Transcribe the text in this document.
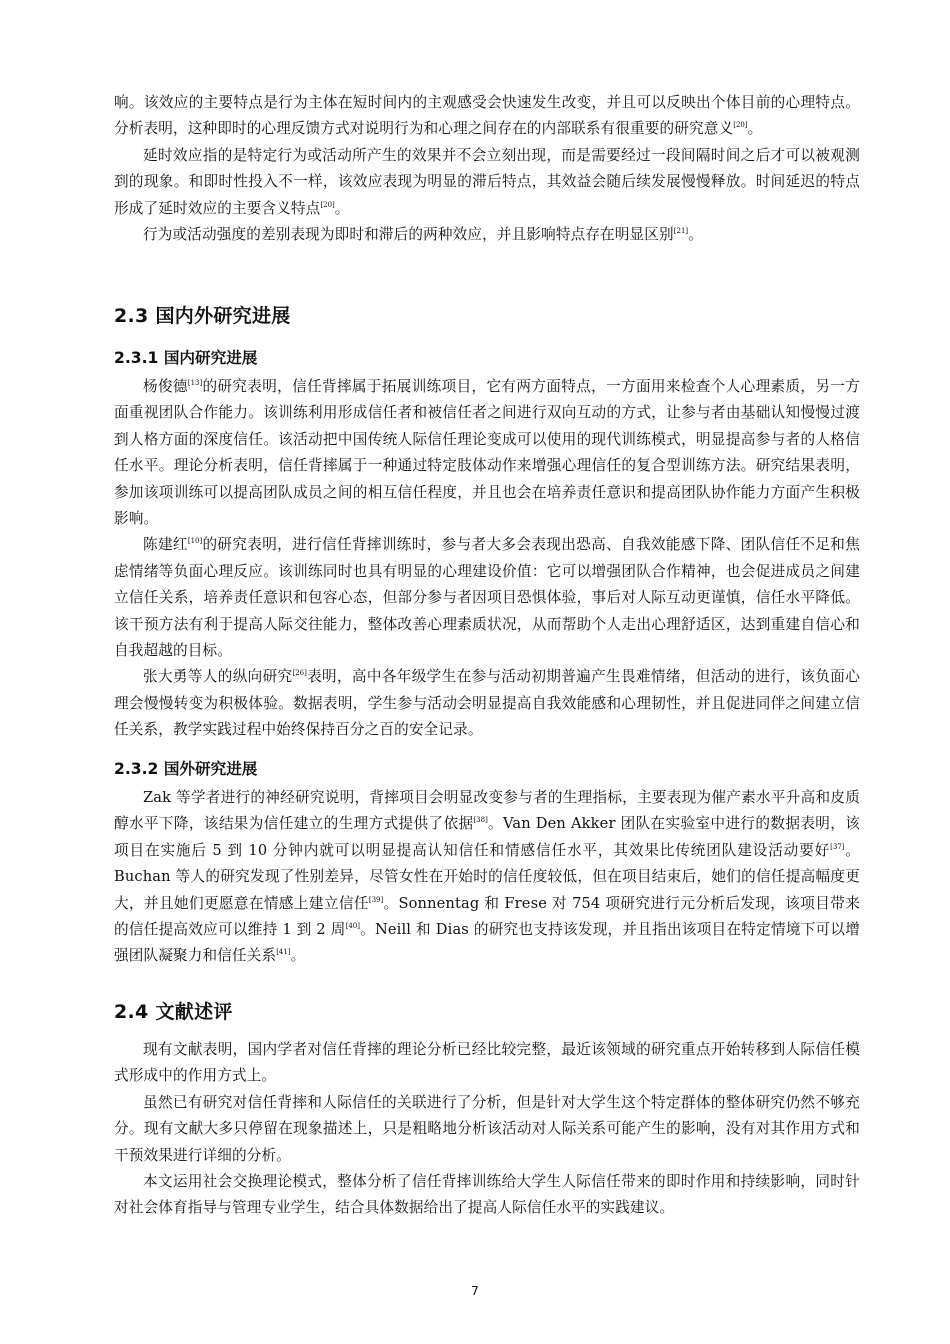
响。该效应的主要特点是行为主体在短时间内的主观感受会快速发生改变，并且可以反映出个体目前的心理特点。分析表明，这种即时的心理反馈方式对说明行为和心理之间存在的内部联系有很重要的研究意义[20]。

延时效应指的是特定行为或活动所产生的效果并不会立刻出现，而是需要经过一段间隔时间之后才可以被观测到的现象。和即时性投入不一样，该效应表现为明显的滞后特点，其效益会随后续发展慢慢释放。时间延迟的特点形成了延时效应的主要含义特点[20]。

行为或活动强度的差别表现为即时和滞后的两种效应，并且影响特点存在明显区别[21]。

2.3 国内外研究进展
2.3.1 国内研究进展

杨俊德[13]的研究表明，信任背摔属于拓展训练项目，它有两方面特点，一方面用来检查个人心理素质，另一方面重视团队合作能力。该训练利用形成信任者和被信任者之间进行双向互动的方式，让参与者由基础认知慢慢过渡到人格方面的深度信任。该活动把中国传统人际信任理论变成可以使用的现代训练模式，明显提高参与者的人格信任水平。理论分析表明，信任背摔属于一种通过特定肢体动作来增强心理信任的复合型训练方法。研究结果表明，参加该项训练可以提高团队成员之间的相互信任程度，并且也会在培养责任意识和提高团队协作能力方面产生积极影响。

陈建红[10]的研究表明，进行信任背摔训练时，参与者大多会表现出恐高、自我效能感下降、团队信任不足和焦虑情绪等负面心理反应。该训练同时也具有明显的心理建设价值：它可以增强团队合作精神，也会促进成员之间建立信任关系，培养责任意识和包容心态，但部分参与者因项目恐惧体验，事后对人际互动更谨慎，信任水平降低。该干预方法有利于提高人际交往能力，整体改善心理素质状况，从而帮助个人走出心理舒适区，达到重建自信心和自我超越的目标。

张大勇等人的纵向研究[26]表明，高中各年级学生在参与活动初期普遍产生畏难情绪，但活动的进行，该负面心理会慢慢转变为积极体验。数据表明，学生参与活动会明显提高自我效能感和心理韧性，并且促进同伴之间建立信任关系，教学实践过程中始终保持百分之百的安全记录。

2.3.2 国外研究进展

Zak 等学者进行的神经研究说明，背摔项目会明显改变参与者的生理指标，主要表现为催产素水平升高和皮质醇水平下降，该结果为信任建立的生理方式提供了依据[38]。Van Den Akker 团队在实验室中进行的数据表明，该项目在实施后 5 到 10 分钟内就可以明显提高认知信任和情感信任水平，其效果比传统团队建设活动要好[37]。Buchan 等人的研究发现了性别差异，尽管女性在开始时的信任度较低，但在项目结束后，她们的信任提高幅度更大，并且她们更愿意在情感上建立信任[39]。Sonnentag 和 Frese 对 754 项研究进行元分析后发现，该项目带来的信任提高效应可以维持 1 到 2 周[40]。Neill 和 Dias 的研究也支持该发现，并且指出该项目在特定情境下可以增强团队凝聚力和信任关系[41]。

2.4 文献述评

现有文献表明，国内学者对信任背摔的理论分析已经比较完整，最近该领域的研究重点开始转移到人际信任模式形成中的作用方式上。

虽然已有研究对信任背摔和人际信任的关联进行了分析，但是针对大学生这个特定群体的整体研究仍然不够充分。现有文献大多只停留在现象描述上，只是粗略地分析该活动对人际关系可能产生的影响，没有对其作用方式和干预效果进行详细的分析。

本文运用社会交换理论模式，整体分析了信任背摔训练给大学生人际信任带来的即时作用和持续影响，同时针对社会体育指导与管理专业学生，结合具体数据给出了提高人际信任水平的实践建议。

7
